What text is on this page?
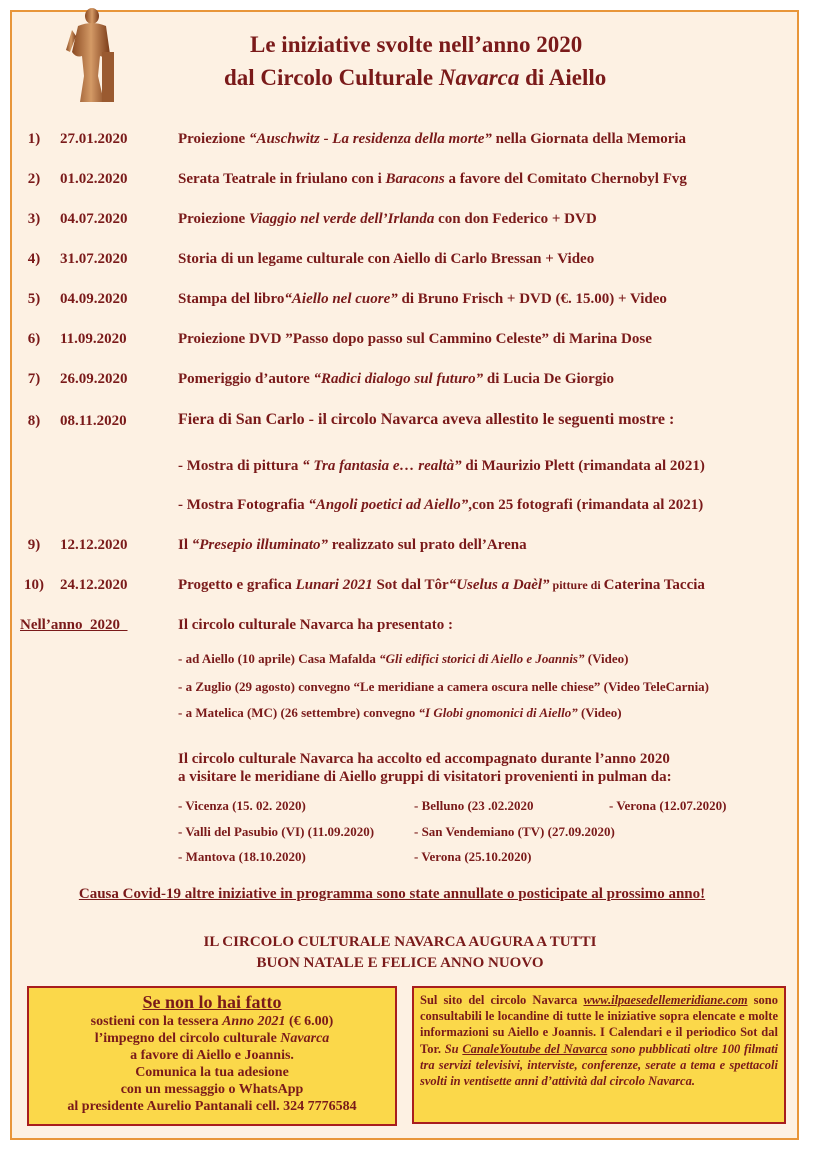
Le iniziative svolte nell’anno 2020
dal Circolo Culturale Navarca di Aiello
1)	27.01.2020	Proiezione “Auschwitz - La residenza della morte” nella Giornata della Memoria
2)	01.02.2020	Serata Teatrale in friulano con i Baracons a favore del Comitato Chernobyl Fvg
3)	04.07.2020	Proiezione Viaggio nel verde dell’Irlanda con don Federico + DVD
4)	31.07.2020	Storia di un legame culturale con Aiello di Carlo Bressan + Video
5)	04.09.2020	Stampa del libro“Aiello nel cuore” di Bruno Frisch + DVD (€. 15.00) + Video
6)	11.09.2020	Proiezione DVD ”Passo dopo passo sul Cammino Celeste” di Marina Dose
7)	26.09.2020	Pomeriggio d’autore “Radici dialogo sul futuro” di Lucia De Giorgio
8)	08.11.2020	Fiera di San Carlo - il circolo Navarca aveva allestito le seguenti mostre :
- Mostra di pittura “ Tra fantasia e… realtà” di Maurizio Plett (rimandata al 2021)
- Mostra Fotografia “Angoli poetici ad Aiello”,con 25 fotografi (rimandata al 2021)
9)	12.12.2020	Il “Presepio illuminato” realizzato sul prato dell’Arena
10)	24.12.2020	Progetto e grafica Lunari 2021 Sot dal Tôr“Uselus a Daèl” pitture di Caterina Taccia
Nell’anno  2020	Il circolo culturale Navarca ha presentato :
- ad Aiello (10 aprile) Casa Mafalda “Gli edifici storici di Aiello e Joannis” (Video)
- a Zuglio (29 agosto) convegno “Le meridiane a camera oscura nelle chiese” (Video TeleCarnia)
- a Matelica (MC) (26 settembre) convegno “I Globi gnomonici di Aiello” (Video)
Il circolo culturale Navarca ha accolto ed accompagnato durante l’anno 2020
a visitare le meridiane di Aiello gruppi di visitatori provenienti in pulman da:
- Vicenza (15. 02. 2020)	- Belluno (23 .02.2020	- Verona (12.07.2020)
- Valli del Pasubio (VI) (11.09.2020)	- San Vendemiano (TV) (27.09.2020)
- Mantova (18.10.2020)	- Verona (25.10.2020)
Causa Covid-19 altre iniziative in programma sono state annullate o posticipate al prossimo anno!
IL CIRCOLO CULTURALE NAVARCA AUGURA A TUTTI
BUON NATALE E FELICE ANNO NUOVO
Se non lo hai fatto
sostieni con la tessera Anno 2021 (€ 6.00)
l’impegno del circolo culturale Navarca
a favore di Aiello e Joannis.
Comunica la tua adesione
con un messaggio o WhatsApp
al presidente Aurelio Pantanali cell. 324 7776584
Sul sito del circolo Navarca www.ilpaesedellemeridiane.com sono consultabili le locandine di tutte le iniziative sopra elencate e molte informazioni su Aiello e Joannis. I Calendari e il periodico Sot dal Tor. Su CanaleYoutube del Navarca sono pubblicati oltre 100 filmati tra servizi televisivi, interviste, conferenze, serate a tema e spettacoli svolti in ventisette anni d’attività dal circolo Navarca.
